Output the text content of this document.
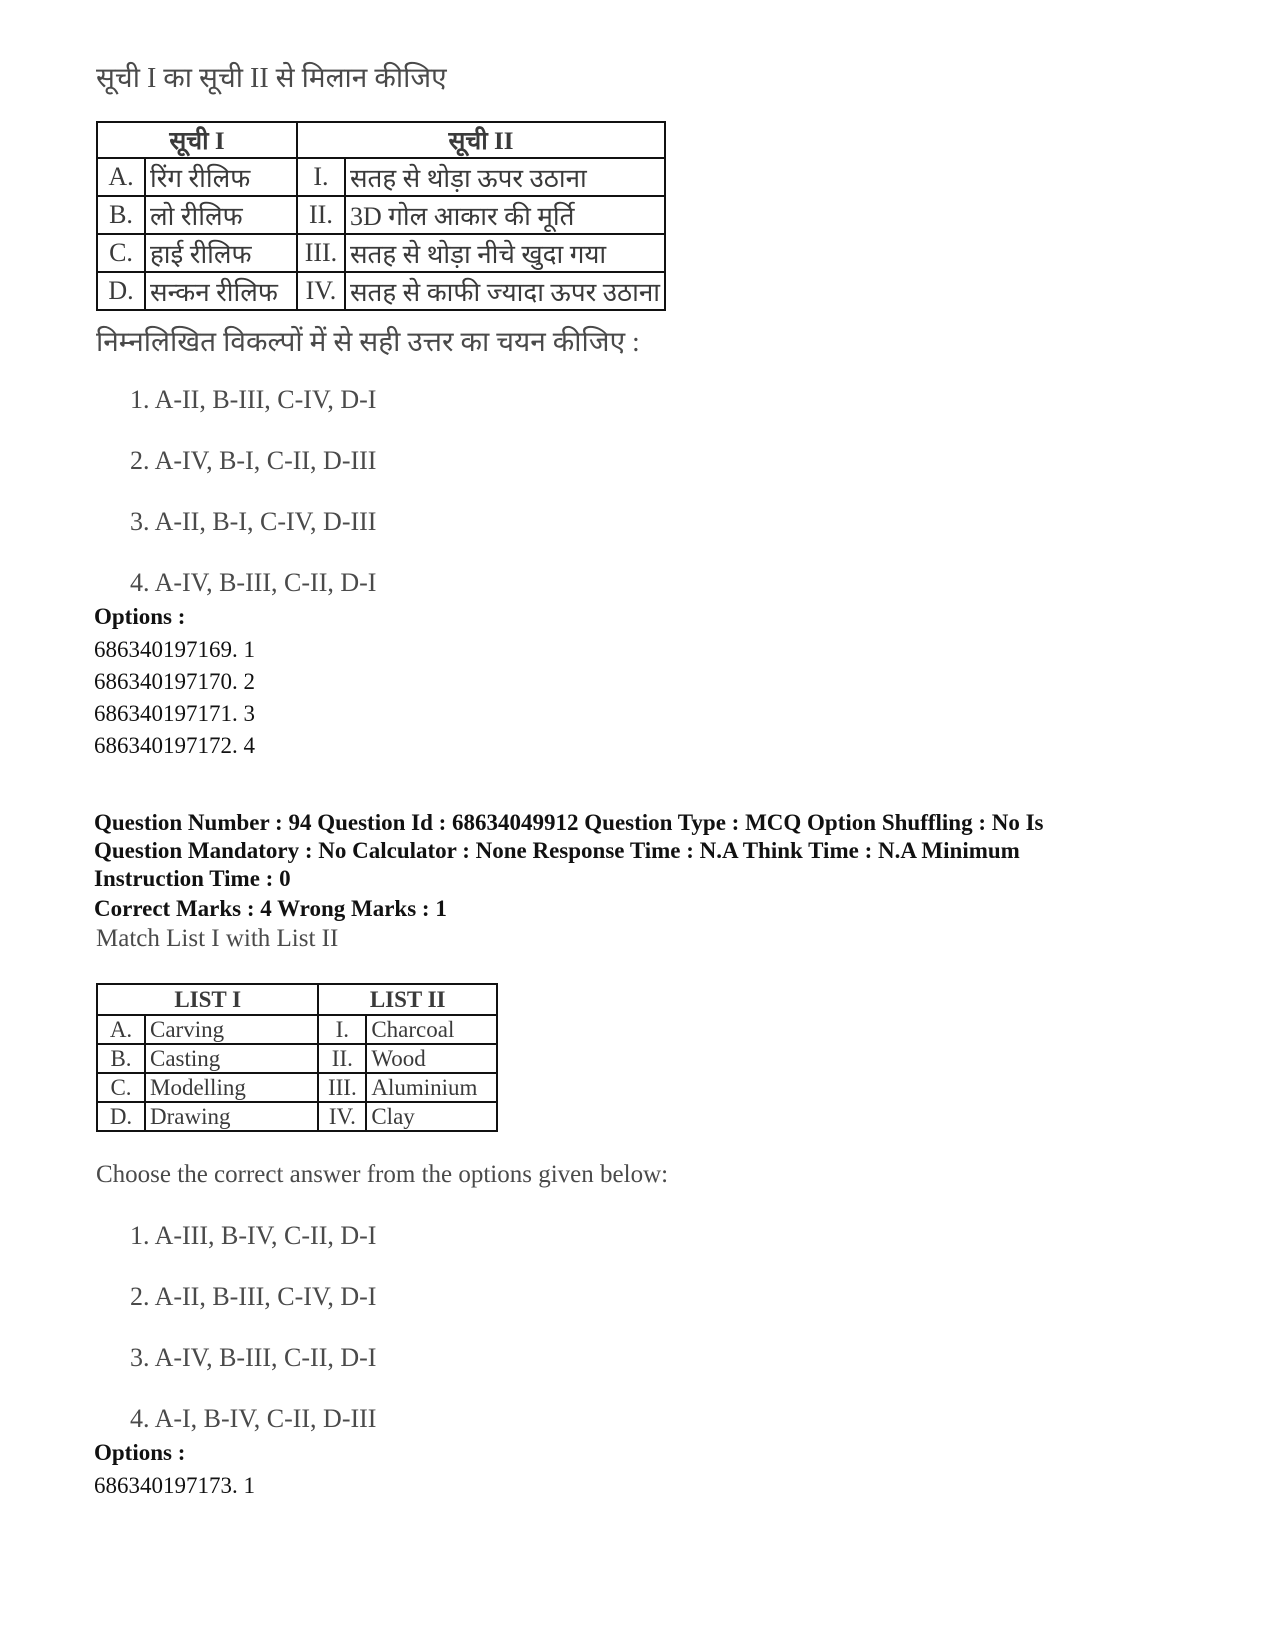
सूची I का सूची II से मिलान कीजिए
सूची I		सूची II	
A.	रिंग रीलिफ	I.	सतह से थोड़ा ऊपर उठाना
B.	लो रीलिफ	II.	3D गोल आकार की मूर्ति
C.	हाई रीलिफ	III.	सतह से थोड़ा नीचे खुदा गया
D.	सन्कन रीलिफ	IV.	सतह से काफी ज्यादा ऊपर उठाना
निम्नलिखित विकल्पों में से सही उत्तर का चयन कीजिए :
1. A-II, B-III, C-IV, D-I
2. A-IV, B-I, C-II, D-III
3. A-II, B-I, C-IV, D-III
4. A-IV, B-III, C-II, D-I
Options :
686340197169. 1
686340197170. 2
686340197171. 3
686340197172. 4
Question Number : 94 Question Id : 68634049912 Question Type : MCQ Option Shuffling : No Is
Question Mandatory : No Calculator : None Response Time : N.A Think Time : N.A Minimum
Instruction Time : 0
Correct Marks : 4 Wrong Marks : 1
Match List I with List II
LIST I		LIST II	
A.	Carving	I.	Charcoal
B.	Casting	II.	Wood
C.	Modelling	III.	Aluminium
D.	Drawing	IV.	Clay
Choose the correct answer from the options given below:
1. A-III, B-IV, C-II, D-I
2. A-II, B-III, C-IV, D-I
3. A-IV, B-III, C-II, D-I
4. A-I, B-IV, C-II, D-III
Options :
686340197173. 1
